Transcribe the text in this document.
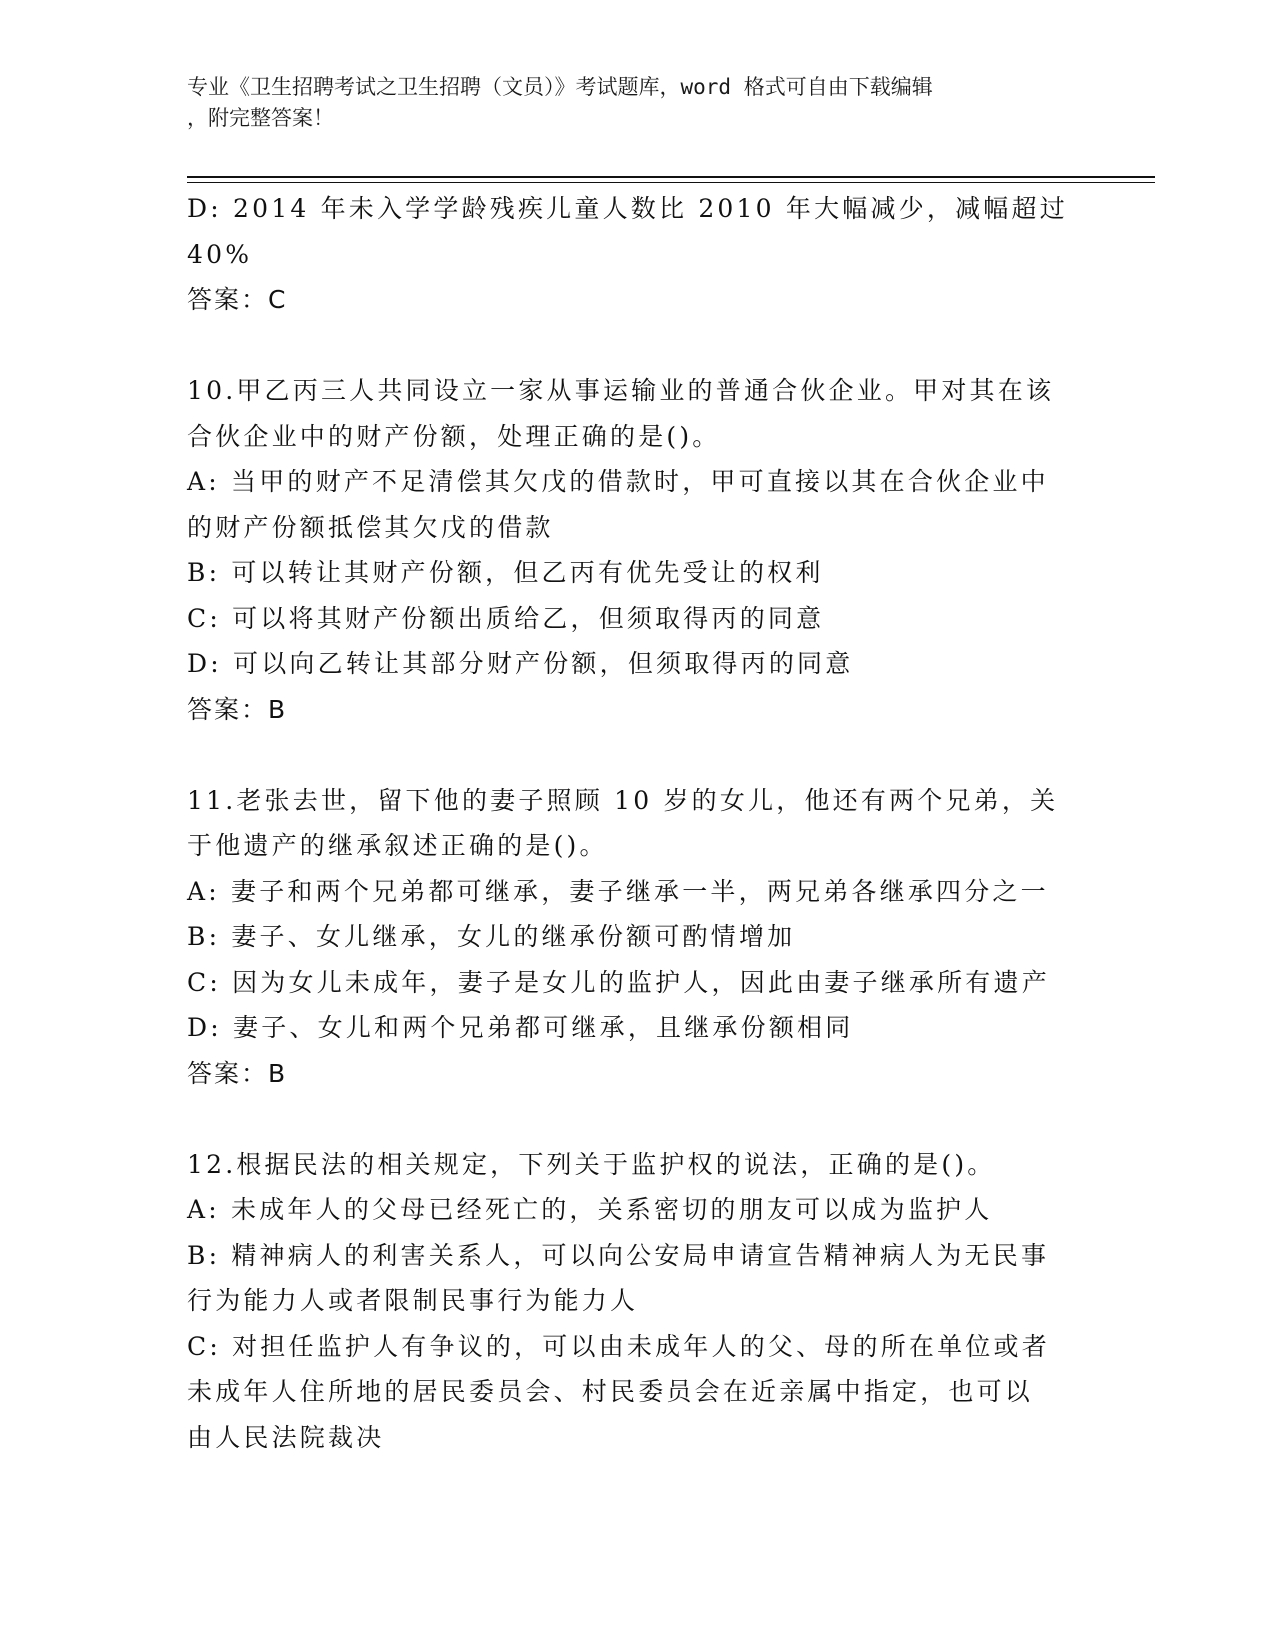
专业《卫生招聘考试之卫生招聘（文员）》考试题库，word 格式可自由下载编辑
，附完整答案！
D: 2014 年未入学学龄残疾儿童人数比 2010 年大幅减少，减幅超过
40%
答案：C
10.甲乙丙三人共同设立一家从事运输业的普通合伙企业。甲对其在该
合伙企业中的财产份额，处理正确的是()。
A: 当甲的财产不足清偿其欠戊的借款时，甲可直接以其在合伙企业中
的财产份额抵偿其欠戊的借款
B: 可以转让其财产份额，但乙丙有优先受让的权利
C: 可以将其财产份额出质给乙，但须取得丙的同意
D: 可以向乙转让其部分财产份额，但须取得丙的同意
答案：B
11.老张去世，留下他的妻子照顾 10 岁的女儿，他还有两个兄弟，关
于他遗产的继承叙述正确的是()。
A: 妻子和两个兄弟都可继承，妻子继承一半，两兄弟各继承四分之一
B: 妻子、女儿继承，女儿的继承份额可酌情增加
C: 因为女儿未成年，妻子是女儿的监护人，因此由妻子继承所有遗产
D: 妻子、女儿和两个兄弟都可继承，且继承份额相同
答案：B
12.根据民法的相关规定，下列关于监护权的说法，正确的是()。
A: 未成年人的父母已经死亡的，关系密切的朋友可以成为监护人
B: 精神病人的利害关系人，可以向公安局申请宣告精神病人为无民事
行为能力人或者限制民事行为能力人
C: 对担任监护人有争议的，可以由未成年人的父、母的所在单位或者
未成年人住所地的居民委员会、村民委员会在近亲属中指定，也可以
由人民法院裁决
